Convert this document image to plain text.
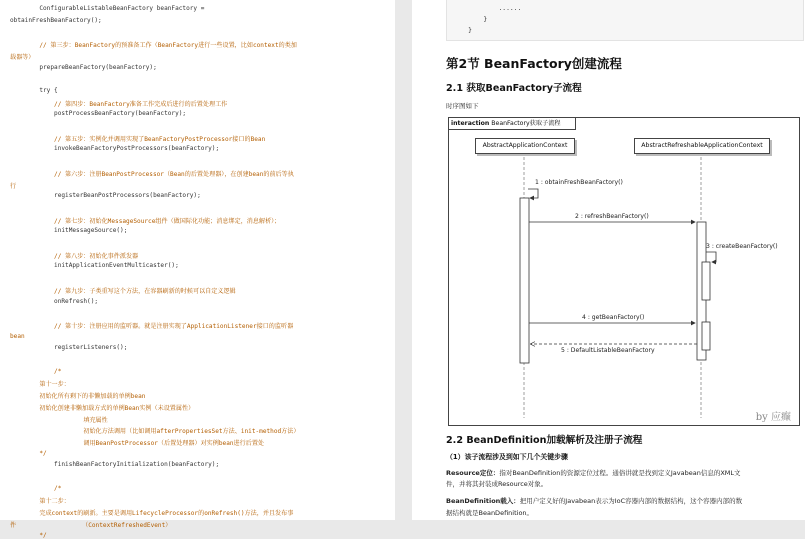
ConfigurableListableBeanFactory beanFactory =
obtainFreshBeanFactory();
// 第三步：BeanFactory的预准备工作（BeanFactory进行一些设置，比如context的类加
载器等）
prepareBeanFactory(beanFactory);
try {
// 第四步：BeanFactory准备工作完成后进行的后置处理工作
postProcessBeanFactory(beanFactory);
// 第五步：实例化并调用实现了BeanFactoryPostProcessor接口的Bean
invokeBeanFactoryPostProcessors(beanFactory);
// 第六步：注册BeanPostProcessor（Bean的后置处理器），在创建bean的前后等执
行
registerBeanPostProcessors(beanFactory);
// 第七步：初始化MessageSource组件（做国际化功能；消息绑定，消息解析）；
initMessageSource();
// 第八步：初始化事件派发器
initApplicationEventMulticaster();
// 第九步：子类重写这个方法，在容器刷新的时候可以自定义逻辑
onRefresh();
// 第十步：注册应用的监听器。就是注册实现了ApplicationListener接口的监听器
bean
registerListeners();
/*
第十一步：
初始化所有剩下的非懒加载的单例bean
初始化创建非懒加载方式的单例Bean实例（未设置属性）
填充属性
初始化方法调用（比如调用afterPropertiesSet方法、init-method方法）
调用BeanPostProcessor（后置处理器）对实例bean进行后置处
*/
finishBeanFactoryInitialization(beanFactory);
/*
第十二步：
完成context的刷新。主要是调用LifecycleProcessor的onRefresh()方法，并且发布事
件                  （ContextRefreshedEvent）
*/
......
}
}
第2节 BeanFactory创建流程
2.1 获取BeanFactory子流程
时序图如下
interaction BeanFactory获取子流程
AbstractApplicationContext	AbstractRefreshableApplicationContext
1 : obtainFreshBeanFactory()
2 : refreshBeanFactory()
3 : createBeanFactory()
4 : getBeanFactory()
5 : DefaultListableBeanFactory
by 应癫
2.2 BeanDefinition加载解析及注册子流程
（1）该子流程涉及到如下几个关键步骤
Resource定位：指对BeanDefinition的资源定位过程。通俗讲就是找到定义Javabean信息的XML文
件，并将其封装成Resource对象。
BeanDefinition载入：把用户定义好的Javabean表示为IoC容器内部的数据结构，这个容器内部的数
据结构就是BeanDefinition。
